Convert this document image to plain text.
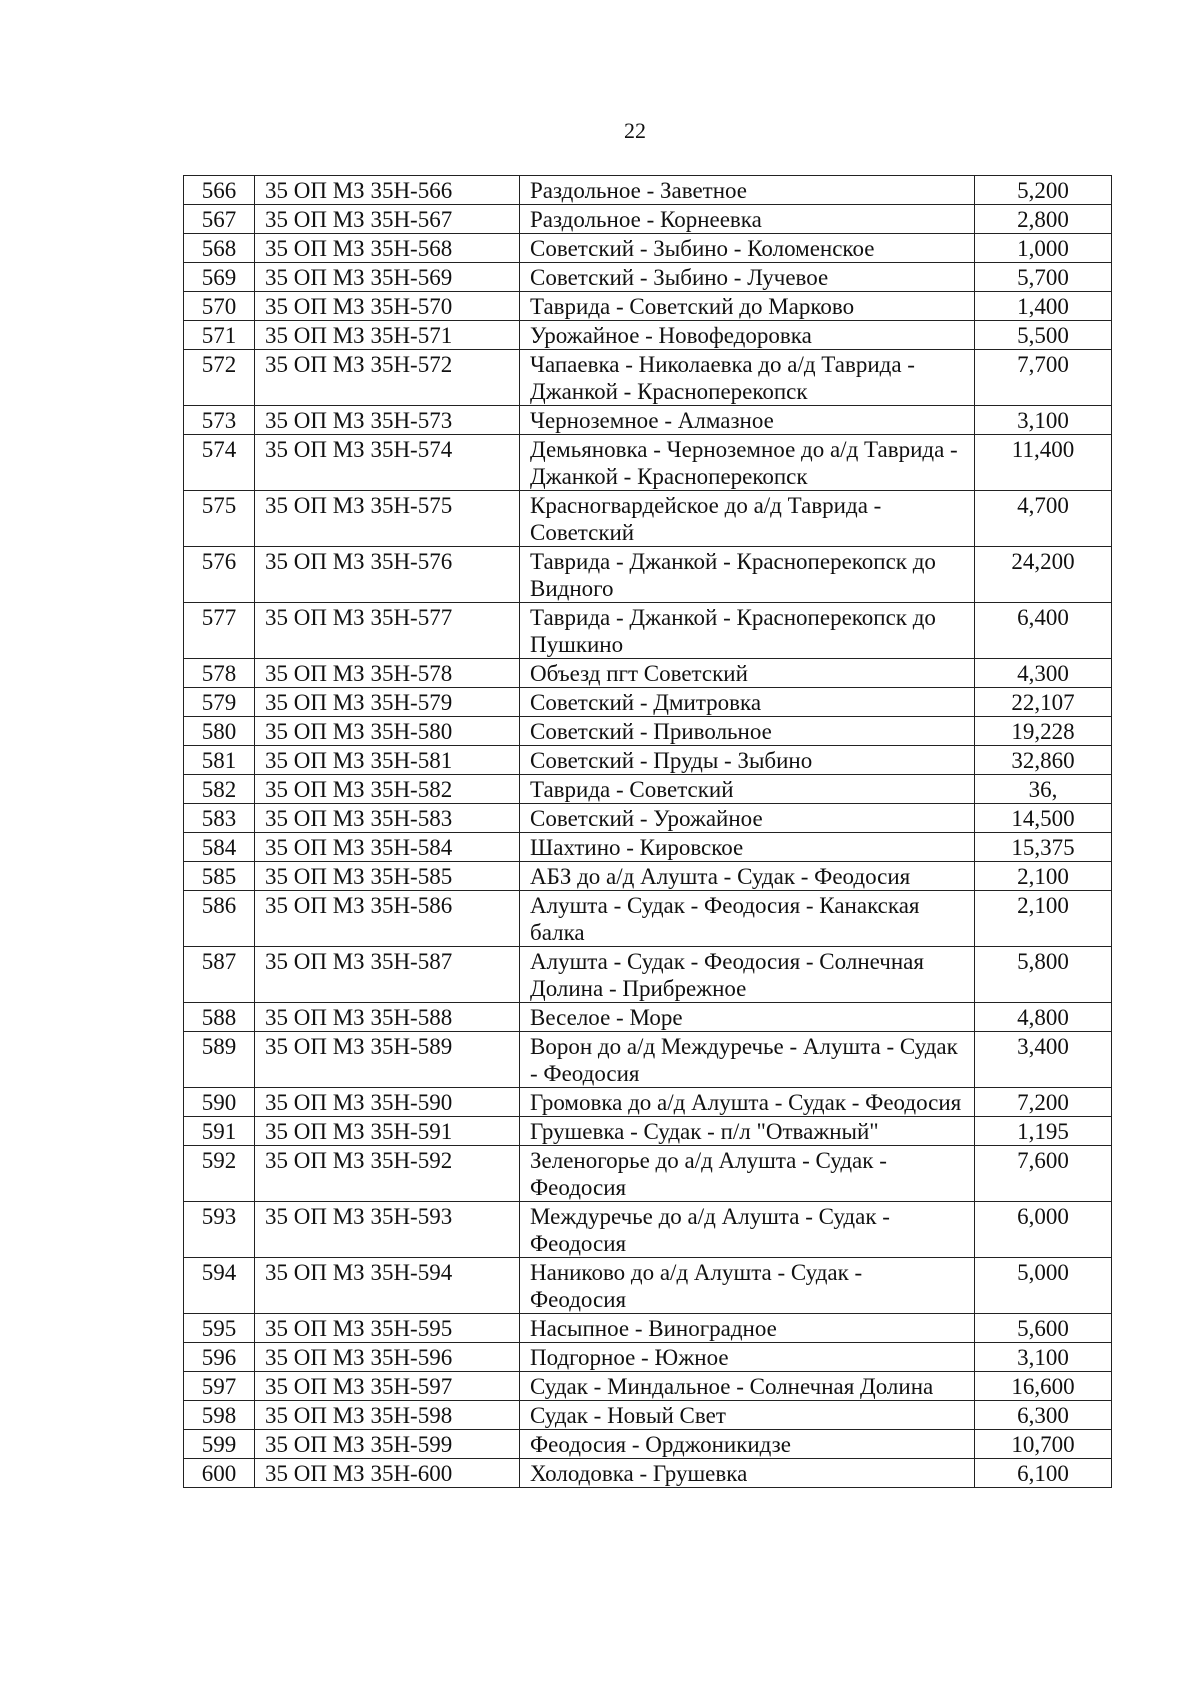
22
566	35 ОП МЗ 35Н-566	Раздольное - Заветное	5,200
567	35 ОП МЗ 35Н-567	Раздольное - Корнеевка	2,800
568	35 ОП МЗ 35Н-568	Советский - Зыбино - Коломенское	1,000
569	35 ОП МЗ 35Н-569	Советский - Зыбино - Лучевое	5,700
570	35 ОП МЗ 35Н-570	Таврида - Советский до Марково	1,400
571	35 ОП МЗ 35Н-571	Урожайное - Новофедоровка	5,500
572	35 ОП МЗ 35Н-572	Чапаевка - Николаевка до а/д Таврида - Джанкой - Красноперекопск	7,700
573	35 ОП МЗ 35Н-573	Черноземное - Алмазное	3,100
574	35 ОП МЗ 35Н-574	Демьяновка - Черноземное до а/д Таврида - Джанкой - Красноперекопск	11,400
575	35 ОП МЗ 35Н-575	Красногвардейское до а/д Таврида - Советский	4,700
576	35 ОП МЗ 35Н-576	Таврида - Джанкой - Красноперекопск до Видного	24,200
577	35 ОП МЗ 35Н-577	Таврида - Джанкой - Красноперекопск до Пушкино	6,400
578	35 ОП МЗ 35Н-578	Объезд пгт Советский	4,300
579	35 ОП МЗ 35Н-579	Советский - Дмитровка	22,107
580	35 ОП МЗ 35Н-580	Советский - Привольное	19,228
581	35 ОП МЗ 35Н-581	Советский - Пруды - Зыбино	32,860
582	35 ОП МЗ 35Н-582	Таврида - Советский	36,
583	35 ОП МЗ 35Н-583	Советский - Урожайное	14,500
584	35 ОП МЗ 35Н-584	Шахтино - Кировское	15,375
585	35 ОП МЗ 35Н-585	АБЗ до а/д Алушта - Судак - Феодосия	2,100
586	35 ОП МЗ 35Н-586	Алушта - Судак - Феодосия - Канакская балка	2,100
587	35 ОП МЗ 35Н-587	Алушта - Судак - Феодосия - Солнечная Долина - Прибрежное	5,800
588	35 ОП МЗ 35Н-588	Веселое - Море	4,800
589	35 ОП МЗ 35Н-589	Ворон до а/д Междуречье - Алушта - Судак - Феодосия	3,400
590	35 ОП МЗ 35Н-590	Громовка до а/д Алушта - Судак - Феодосия	7,200
591	35 ОП МЗ 35Н-591	Грушевка - Судак - п/л "Отважный"	1,195
592	35 ОП МЗ 35Н-592	Зеленогорье до а/д Алушта - Судак - Феодосия	7,600
593	35 ОП МЗ 35Н-593	Междуречье до а/д Алушта - Судак - Феодосия	6,000
594	35 ОП МЗ 35Н-594	Наниково до а/д Алушта - Судак - Феодосия	5,000
595	35 ОП МЗ 35Н-595	Насыпное - Виноградное	5,600
596	35 ОП МЗ 35Н-596	Подгорное - Южное	3,100
597	35 ОП МЗ 35Н-597	Судак - Миндальное - Солнечная Долина	16,600
598	35 ОП МЗ 35Н-598	Судак - Новый Свет	6,300
599	35 ОП МЗ 35Н-599	Феодосия - Орджоникидзе	10,700
600	35 ОП МЗ 35Н-600	Холодовка - Грушевка	6,100
